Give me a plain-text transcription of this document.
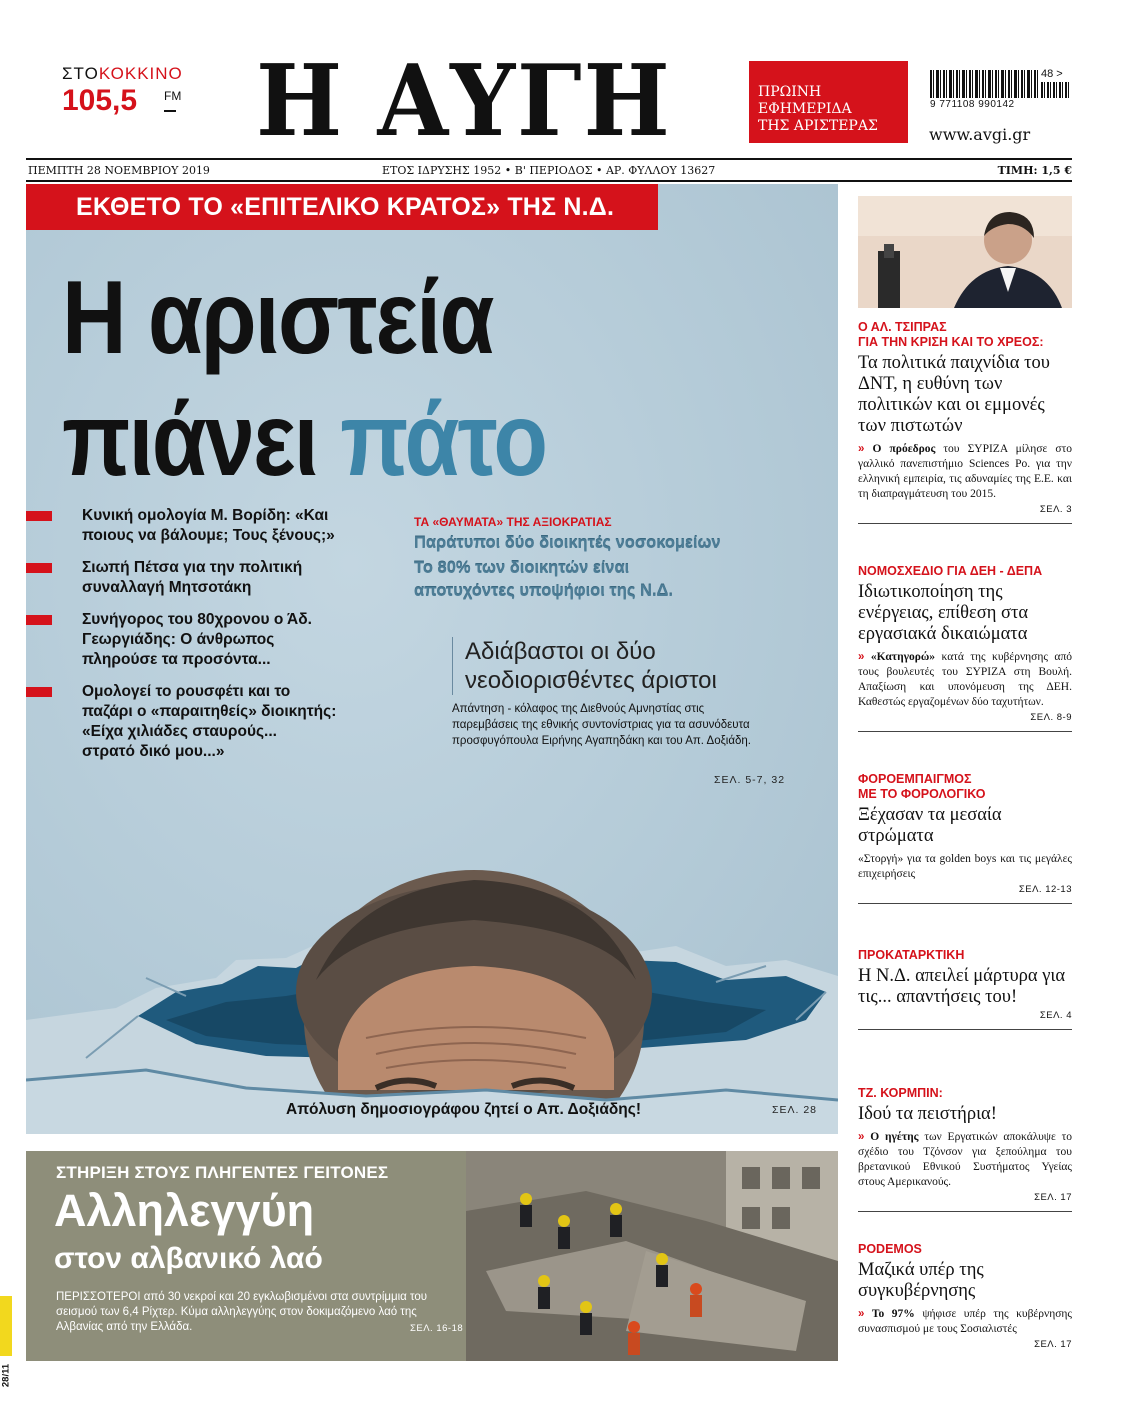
ΣΤΟΚΟΚΚΙΝΟ
105,5 FM Η ΑΥΓΗ	ΠΡΩΙΝΗ
ΕΦΗΜΕΡΙΔΑ
ΤΗΣ ΑΡΙΣΤΕΡΑΣ
9 771108 990142
48 >
www.avgi.gr
ΠΕΜΠΤΗ 28 ΝΟΕΜΒΡΙΟΥ 2019	ΕΤΟΣ ΙΔΡΥΣΗΣ 1952 • Β' ΠΕΡΙΟΔΟΣ • ΑΡ. ΦΥΛΛΟΥ 13627	ΤΙΜΗ: 1,5 €
ΕΚΘΕΤΟ ΤΟ «ΕΠΙΤΕΛΙΚΟ ΚΡΑΤΟΣ» ΤΗΣ Ν.Δ.
Η αριστεία
πιάνει πάτο
Κυνική ομολογία Μ. Βορίδη: «Και
ποιους να βάλουμε; Τους ξένους;»
Σιωπή Πέτσα για την πολιτική
συναλλαγή Μητσοτάκη
Συνήγορος του 80χρονου ο Άδ.
Γεωργιάδης: Ο άνθρωπος
πληρούσε τα προσόντα...
Ομολογεί το ρουσφέτι και το
παζάρι ο «παραιτηθείς» διοικητής:
«Είχα χιλιάδες σταυρούς...
στρατό δικό μου...»
ΤΑ «ΘΑΥΜΑΤΑ» ΤΗΣ ΑΞΙΟΚΡΑΤΙΑΣ
Παράτυποι δύο διοικητές νοσοκομείων
Το 80% των διοικητών είναι
αποτυχόντες υποψήφιοι της Ν.Δ.
Αδιάβαστοι οι δύο
νεοδιορισθέντες άριστοι
Απάντηση - κόλαφος της Διεθνούς Αμνηστίας στις παρεμβάσεις της εθνικής συντονίστριας για τα ασυνόδευτα προσφυγόπουλα Ειρήνης Αγαπηδάκη και του Απ. Δοξιάδη.
ΣΕΛ. 5-7, 32
Απόλυση δημοσιογράφου ζητεί ο Απ. Δοξιάδης!	ΣΕΛ. 28
Ο ΑΛ. ΤΣΙΠΡΑΣ
ΓΙΑ ΤΗΝ ΚΡΙΣΗ ΚΑΙ ΤΟ ΧΡΕΟΣ:
Τα πολιτικά παιχνίδια του ΔΝΤ, η ευθύνη των πολιτικών και οι εμμονές των πιστωτών
» Ο πρόεδρος του ΣΥΡΙΖΑ μίλησε στο γαλλικό πανεπιστήμιο Sciences Po. για την ελληνική εμπειρία, τις αδυναμίες της Ε.Ε. και τη διαπραγμάτευση του 2015.
ΣΕΛ. 3
ΝΟΜΟΣΧΕΔΙΟ ΓΙΑ ΔΕΗ - ΔΕΠΑ
Ιδιωτικοποίηση της ενέργειας, επίθεση στα εργασιακά δικαιώματα
» «Κατηγορώ» κατά της κυβέρνησης από τους βουλευτές του ΣΥΡΙΖΑ στη Βουλή. Απαξίωση και υπονόμευση της ΔΕΗ. Καθεστώς εργαζομένων δύο ταχυτήτων.
ΣΕΛ. 8-9
ΦΟΡΟΕΜΠΑΙΓΜΟΣ
ΜΕ ΤΟ ΦΟΡΟΛΟΓΙΚΟ
Ξέχασαν τα μεσαία στρώματα
«Στοργή» για τα golden boys και τις μεγάλες επιχειρήσεις
ΣΕΛ. 12-13
ΠΡΟΚΑΤΑΡΚΤΙΚΗ
Η Ν.Δ. απειλεί μάρτυρα για τις... απαντήσεις του!
ΣΕΛ. 4
ΤΖ. ΚΟΡΜΠΙΝ:
Ιδού τα πειστήρια!
» Ο ηγέτης των Εργατικών αποκάλυψε το σχέδιο του Τζόνσον για ξεπούλημα του βρετανικού Εθνικού Συστήματος Υγείας στους Αμερικανούς.
ΣΕΛ. 17
PODEMOS
Μαζικά υπέρ της συγκυβέρνησης
» Το 97% ψήφισε υπέρ της κυβέρνησης συνασπισμού με τους Σοσιαλιστές
ΣΕΛ. 17
ΣΤΗΡΙΞΗ ΣΤΟΥΣ ΠΛΗΓΕΝΤΕΣ ΓΕΙΤΟΝΕΣ
Αλληλεγγύη
στον αλβανικό λαό
ΠΕΡΙΣΣΟΤΕΡΟΙ από 30 νεκροί και 20 εγκλωβισμένοι στα συντρίμμια του σεισμού των 6,4 Ρίχτερ. Κύμα αλληλεγγύης στον δοκιμαζόμενο λαό της Αλβανίας από την Ελλάδα.	ΣΕΛ. 16-18
28/11
